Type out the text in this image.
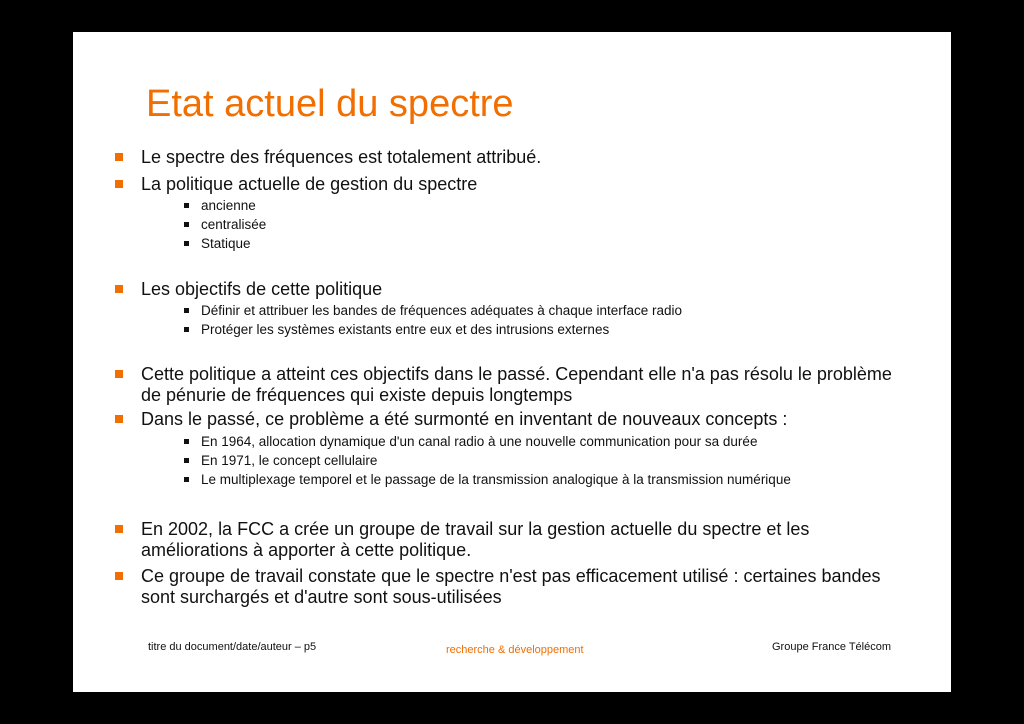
Etat actuel du spectre
Le spectre des fréquences est totalement attribué.
La politique actuelle de gestion du spectre
ancienne
centralisée
Statique
Les objectifs de cette politique
Définir et attribuer les bandes de fréquences adéquates à chaque interface radio
Protéger les systèmes existants entre eux et des intrusions externes
Cette politique a atteint ces objectifs dans le passé. Cependant elle n'a pas résolu le problème de pénurie de fréquences qui existe depuis longtemps
Dans le passé, ce problème a été surmonté en inventant de nouveaux concepts :
En 1964, allocation dynamique d'un canal radio à une nouvelle communication pour sa durée
En 1971, le concept cellulaire
Le multiplexage temporel et le passage de la transmission analogique à la transmission numérique
En 2002, la FCC a crée un groupe de travail sur la gestion actuelle du spectre et les améliorations à apporter à cette politique.
Ce groupe de travail constate que le spectre n'est pas efficacement utilisé : certaines bandes sont surchargés et d'autre sont sous-utilisées
titre du document/date/auteur – p5	recherche & développement	Groupe France Télécom
